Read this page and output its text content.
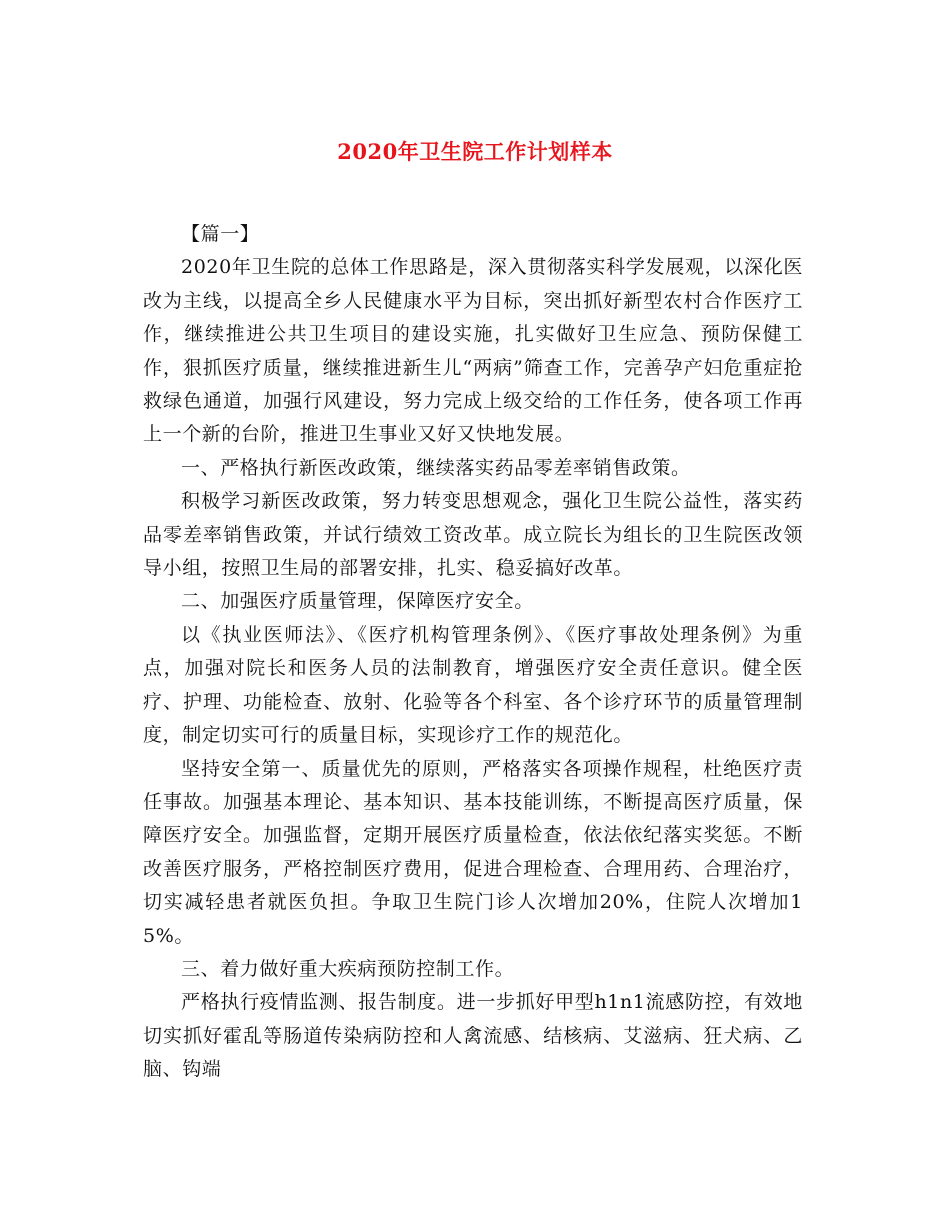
2020年卫生院工作计划样本

【篇一】

2020年卫生院的总体工作思路是，深入贯彻落实科学发展观，以深化医改为主线，以提高全乡人民健康水平为目标，突出抓好新型农村合作医疗工作，继续推进公共卫生项目的建设实施，扎实做好卫生应急、预防保健工作，狠抓医疗质量，继续推进新生儿“两病”筛查工作，完善孕产妇危重症抢救绿色通道，加强行风建设，努力完成上级交给的工作任务，使各项工作再上一个新的台阶，推进卫生事业又好又快地发展。

一、严格执行新医改政策，继续落实药品零差率销售政策。

积极学习新医改政策，努力转变思想观念，强化卫生院公益性，落实药品零差率销售政策，并试行绩效工资改革。成立院长为组长的卫生院医改领导小组，按照卫生局的部署安排，扎实、稳妥搞好改革。

二、加强医疗质量管理，保障医疗安全。

以《执业医师法》、《医疗机构管理条例》、《医疗事故处理条例》为重点，加强对院长和医务人员的法制教育，增强医疗安全责任意识。健全医疗、护理、功能检查、放射、化验等各个科室、各个诊疗环节的质量管理制度，制定切实可行的质量目标，实现诊疗工作的规范化。

坚持安全第一、质量优先的原则，严格落实各项操作规程，杜绝医疗责任事故。加强基本理论、基本知识、基本技能训练，不断提高医疗质量，保障医疗安全。加强监督，定期开展医疗质量检查，依法依纪落实奖惩。不断改善医疗服务，严格控制医疗费用，促进合理检查、合理用药、合理治疗，切实减轻患者就医负担。争取卫生院门诊人次增加20%，住院人次增加15%。

三、着力做好重大疾病预防控制工作。

严格执行疫情监测、报告制度。进一步抓好甲型h1n1流感防控，有效地切实抓好霍乱等肠道传染病防控和人禽流感、结核病、艾滋病、狂犬病、乙脑、钩端
